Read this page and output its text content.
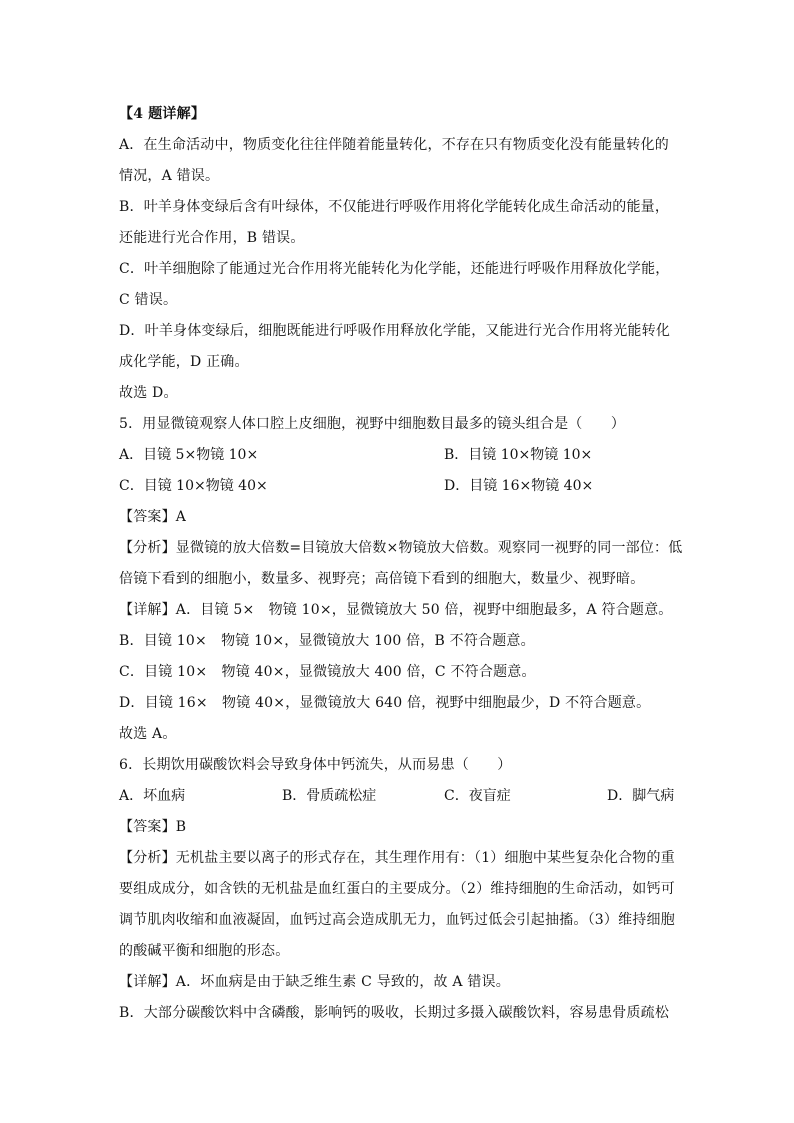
【4 题详解】
A．在生命活动中，物质变化往往伴随着能量转化，不存在只有物质变化没有能量转化的
情况，A 错误。
B．叶羊身体变绿后含有叶绿体，不仅能进行呼吸作用将化学能转化成生命活动的能量，
还能进行光合作用，B 错误。
C．叶羊细胞除了能通过光合作用将光能转化为化学能，还能进行呼吸作用释放化学能，
C 错误。
D．叶羊身体变绿后，细胞既能进行呼吸作用释放化学能，又能进行光合作用将光能转化
成化学能，D 正确。
故选 D。
5．用显微镜观察人体口腔上皮细胞，视野中细胞数目最多的镜头组合是（　　）
A．目镜 5×物镜 10×	B．目镜 10×物镜 10×
C．目镜 10×物镜 40×	D．目镜 16×物镜 40×
【答案】A
【分析】显微镜的放大倍数=目镜放大倍数×物镜放大倍数。观察同一视野的同一部位：低
倍镜下看到的细胞小，数量多、视野亮；高倍镜下看到的细胞大，数量少、视野暗。
【详解】A．目镜 5×　物镜 10×，显微镜放大 50 倍，视野中细胞最多，A 符合题意。
B．目镜 10×　物镜 10×，显微镜放大 100 倍，B 不符合题意。
C．目镜 10×　物镜 40×，显微镜放大 400 倍，C 不符合题意。
D．目镜 16×　物镜 40×，显微镜放大 640 倍，视野中细胞最少，D 不符合题意。
故选 A。
6．长期饮用碳酸饮料会导致身体中钙流失，从而易患（　　）
A．坏血病	B．骨质疏松症	C．夜盲症	D．脚气病
【答案】B
【分析】无机盐主要以离子的形式存在，其生理作用有：（1）细胞中某些复杂化合物的重
要组成成分，如含铁的无机盐是血红蛋白的主要成分。（2）维持细胞的生命活动，如钙可
调节肌肉收缩和血液凝固，血钙过高会造成肌无力，血钙过低会引起抽搐。（3）维持细胞
的酸碱平衡和细胞的形态。
【详解】A．坏血病是由于缺乏维生素 C 导致的，故 A 错误。
B．大部分碳酸饮料中含磷酸，影响钙的吸收，长期过多摄入碳酸饮料，容易患骨质疏松
